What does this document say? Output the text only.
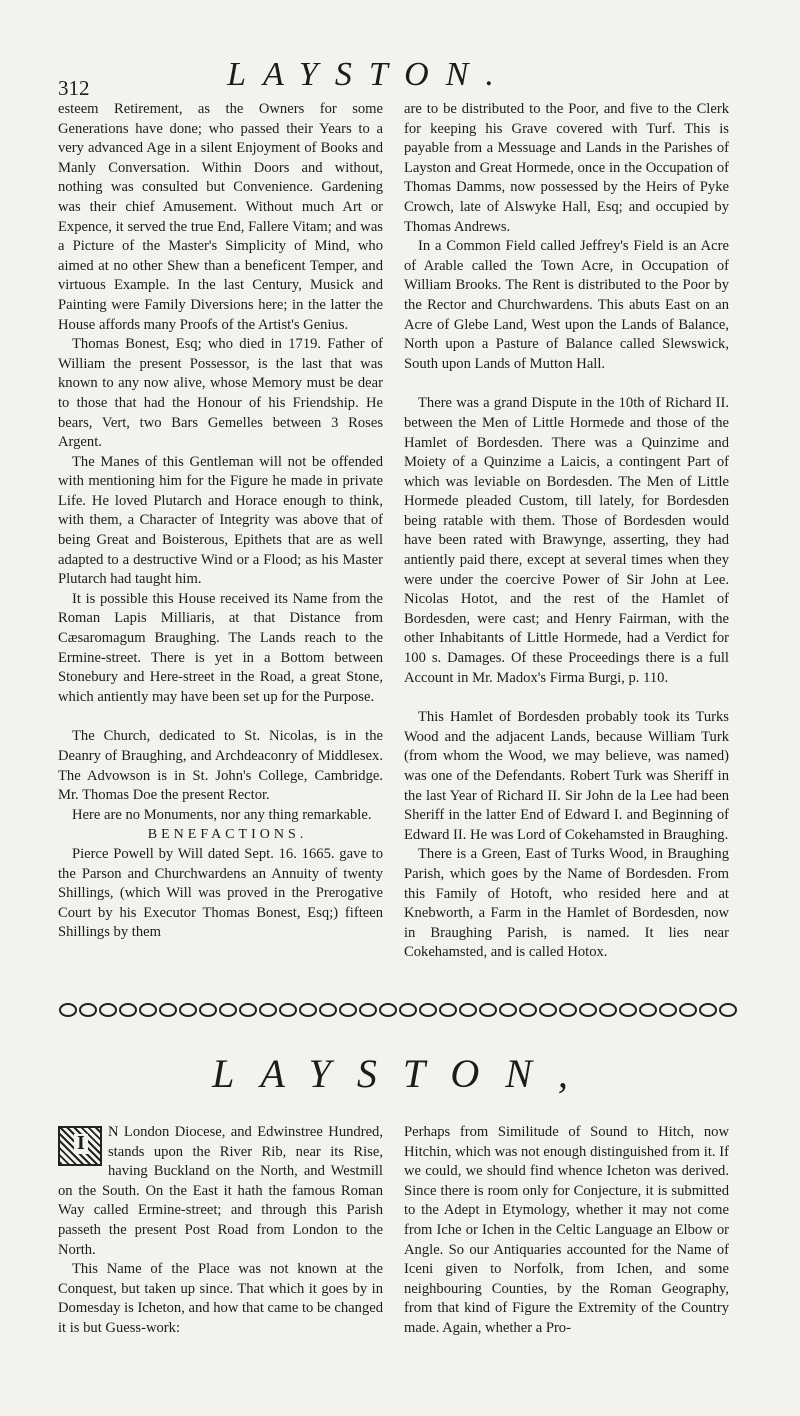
312	LAYSTON.

esteem Retirement, as the Owners for some Generations have done; who passed their Years to a very advanced Age in a silent Enjoyment of Books and Manly Conversation. Within Doors and without, nothing was consulted but Convenience. Gardening was their chief Amusement. Without much Art or Expence, it served the true End, Fallere Vitam; and was a Picture of the Master's Simplicity of Mind, who aimed at no other Shew than a beneficent Temper, and virtuous Example. In the last Century, Musick and Painting were Family Diversions here; in the latter the House affords many Proofs of the Artist's Genius.

Thomas Bonest, Esq; who died in 1719. Father of William the present Possessor, is the last that was known to any now alive, whose Memory must be dear to those that had the Honour of his Friendship. He bears, Vert, two Bars Gemelles between 3 Roses Argent.

The Manes of this Gentleman will not be offended with mentioning him for the Figure he made in private Life. He loved Plutarch and Horace enough to think, with them, a Character of Integrity was above that of being Great and Boisterous, Epithets that are as well adapted to a destructive Wind or a Flood; as his Master Plutarch had taught him.

It is possible this House received its Name from the Roman Lapis Milliaris, at that Distance from Cæsaromagum Braughing. The Lands reach to the Ermine-street. There is yet in a Bottom between Stonebury and Here-street in the Road, a great Stone, which antiently may have been set up for the Purpose.

The Church, dedicated to St. Nicolas, is in the Deanry of Braughing, and Archdeaconry of Middlesex. The Advowson is in St. John's College, Cambridge. Mr. Thomas Doe the present Rector.

Here are no Monuments, nor any thing remarkable.

BENEFACTIONS.

Pierce Powell by Will dated Sept. 16. 1665. gave to the Parson and Churchwardens an Annuity of twenty Shillings, (which Will was proved in the Prerogative Court by his Executor Thomas Bonest, Esq;) fifteen Shillings by them

are to be distributed to the Poor, and five to the Clerk for keeping his Grave covered with Turf. This is payable from a Messuage and Lands in the Parishes of Layston and Great Hormede, once in the Occupation of Thomas Damms, now possessed by the Heirs of Pyke Crowch, late of Alswyke Hall, Esq; and occupied by Thomas Andrews.

In a Common Field called Jeffrey's Field is an Acre of Arable called the Town Acre, in Occupation of William Brooks. The Rent is distributed to the Poor by the Rector and Churchwardens. This abuts East on an Acre of Glebe Land, West upon the Lands of Balance, North upon a Pasture of Balance called Slewswick, South upon Lands of Mutton Hall.

There was a grand Dispute in the 10th of Richard II. between the Men of Little Hormede and those of the Hamlet of Bordesden. There was a Quinzime and Moiety of a Quinzime a Laicis, a contingent Part of which was leviable on Bordesden. The Men of Little Hormede pleaded Custom, till lately, for Bordesden being ratable with them. Those of Bordesden would have been rated with Brawynge, asserting, they had antiently paid there, except at several times when they were under the coercive Power of Sir John at Lee. Nicolas Hotot, and the rest of the Hamlet of Bordesden, were cast; and Henry Fairman, with the other Inhabitants of Little Hormede, had a Verdict for 100 s. Damages. Of these Proceedings there is a full Account in Mr. Madox's Firma Burgi, p. 110.

This Hamlet of Bordesden probably took its Turks Wood and the adjacent Lands, because William Turk (from whom the Wood, we may believe, was named) was one of the Defendants. Robert Turk was Sheriff in the last Year of Richard II. Sir John de la Lee had been Sheriff in the latter End of Edward I. and Beginning of Edward II. He was Lord of Cokehamsted in Braughing.

There is a Green, East of Turks Wood, in Braughing Parish, which goes by the Name of Bordesden. From this Family of Hotoft, who resided here and at Knebworth, a Farm in the Hamlet of Bordesden, now in Braughing Parish, is named. It lies near Cokehamsted, and is called Hotox.

LAYSTON,

I N London Diocese, and Edwinstree Hundred, stands upon the River Rib, near its Rise, having Buckland on the North, and Westmill on the South. On the East it hath the famous Roman Way called Ermine-street; and through this Parish passeth the present Post Road from London to the North.

This Name of the Place was not known at the Conquest, but taken up since. That which it goes by in Domesday is Icheton, and how that came to be changed it is but Guess-work:

Perhaps from Similitude of Sound to Hitch, now Hitchin, which was not enough distinguished from it. If we could, we should find whence Icheton was derived. Since there is room only for Conjecture, it is submitted to the Adept in Etymology, whether it may not come from Iche or Ichen in the Celtic Language an Elbow or Angle. So our Antiquaries accounted for the Name of Iceni given to Norfolk, from Ichen, and some neighbouring Counties, by the Roman Geography, from that kind of Figure the Extremity of the Country made. Again, whether a Pro-
